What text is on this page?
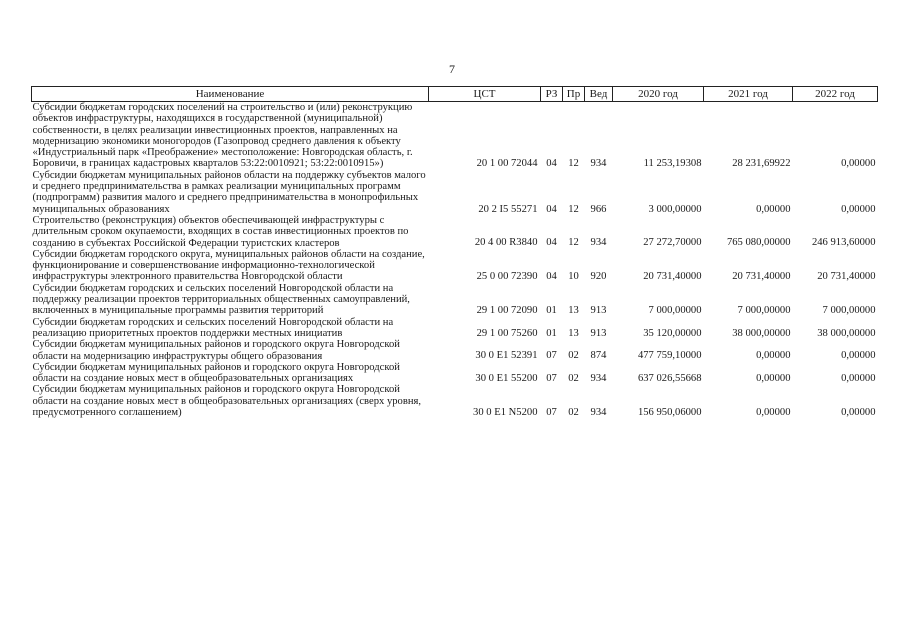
7
Наименование	ЦСТ	РЗ	Пр	Вед	2020 год	2021 год	2022 год
Субсидии бюджетам городских поселений на строительство и (или) реконструкцию объектов инфраструктуры, находящихся в государственной (муниципальной) собственности, в целях реализации инвестиционных проектов, направленных на модернизацию экономики моногородов (Газопровод среднего давления к объекту «Индустриальный парк «Преображение» местоположение: Новгородская область, г. Боровичи, в границах кадастровых кварталов 53:22:0010921; 53:22:0010915»)	20 1 00 72044	04	12	934	11 253,19308	28 231,69922	0,00000
Субсидии бюджетам муниципальных районов области на поддержку субъектов малого и среднего предпринимательства в рамках реализации муниципальных программ (подпрограмм) развития малого и среднего предпринимательства в монопрофильных муниципальных образованиях	20 2 I5 55271	04	12	966	3 000,00000	0,00000	0,00000
Строительство (реконструкция) объектов обеспечивающей инфраструктуры с длительным сроком окупаемости, входящих в состав инвестиционных проектов по созданию в субъектах Российской Федерации туристских кластеров	20 4 00 R3840	04	12	934	27 272,70000	765 080,00000	246 913,60000
Субсидии бюджетам городского округа, муниципальных районов области на создание, функционирование и совершенствование информационно-технологической инфраструктуры электронного правительства Новгородской области	25 0 00 72390	04	10	920	20 731,40000	20 731,40000	20 731,40000
Субсидии бюджетам городских и сельских поселений Новгородской области на поддержку реализации проектов территориальных общественных самоуправлений, включенных в муниципальные программы развития территорий	29 1 00 72090	01	13	913	7 000,00000	7 000,00000	7 000,00000
Субсидии бюджетам городских и сельских поселений Новгородской области на реализацию приоритетных проектов поддержки местных инициатив	29 1 00 75260	01	13	913	35 120,00000	38 000,00000	38 000,00000
Субсидии бюджетам муниципальных районов и городского округа Новгородской области на модернизацию инфраструктуры общего образования	30 0 E1 52391	07	02	874	477 759,10000	0,00000	0,00000
Субсидии бюджетам муниципальных районов и городского округа Новгородской области на создание новых мест в общеобразовательных организациях	30 0 E1 55200	07	02	934	637 026,55668	0,00000	0,00000
Субсидии бюджетам муниципальных районов и городского округа Новгородской области на создание новых мест в общеобразовательных организациях (сверх уровня, предусмотренного соглашением)	30 0 E1 N5200	07	02	934	156 950,06000	0,00000	0,00000
